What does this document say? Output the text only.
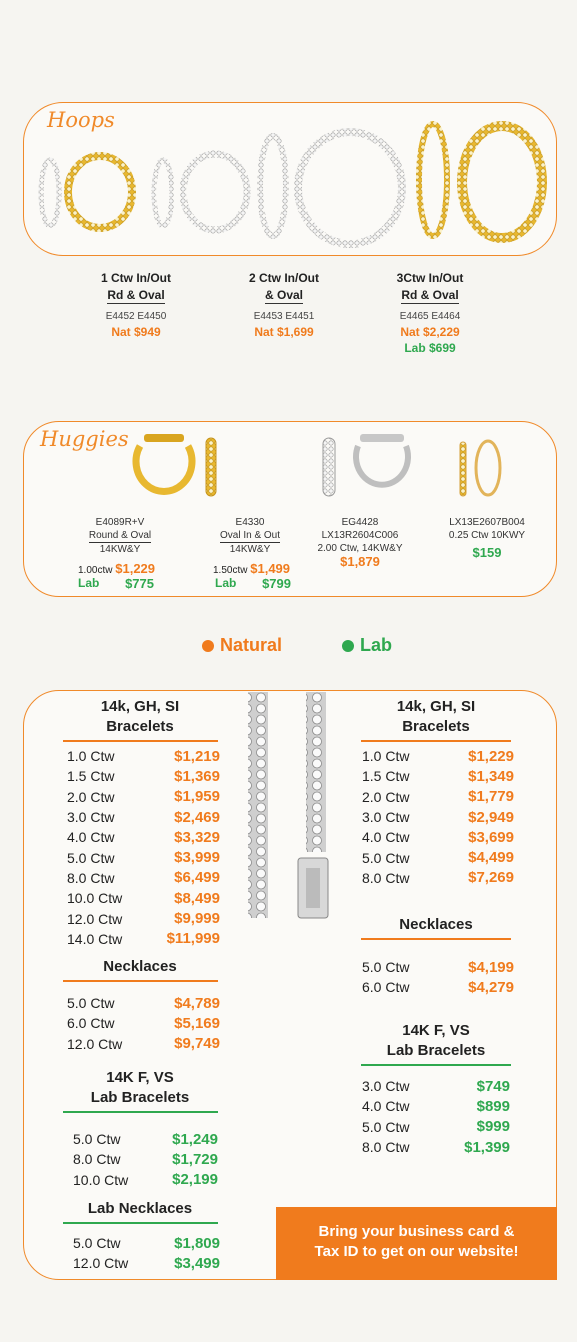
Hoops
1 Ctw In/Out
Rd & Oval
E4452 E4450
Nat $949
2 Ctw In/Out
& Oval
E4453 E4451
Nat $1,699
3Ctw In/Out
Rd & Oval
E4465 E4464
Nat $2,229
Lab $699
Huggies
E4089R+V
Round & Oval
14KW&Y
1.00ctw $1,229
Lab $775
E4330
Oval In & Out
14KW&Y
1.50ctw $1,499
Lab $799
EG4428
LX13R2604C006
2.00 Ctw, 14KW&Y
$1,879
LX13E2607B004
0.25 Ctw 10KWY
$159
Natural	Lab
14k, GH, SI
Bracelets
1.0 Ctw	$1,219
1.5 Ctw	$1,369
2.0 Ctw	$1,959
3.0 Ctw	$2,469
4.0 Ctw	$3,329
5.0 Ctw	$3,999
8.0 Ctw	$6,499
10.0 Ctw	$8,499
12.0 Ctw	$9,999
14.0 Ctw	$11,999
Necklaces
5.0 Ctw	$4,789
6.0 Ctw	$5,169
12.0 Ctw	$9,749
14K F, VS
Lab Bracelets
5.0 Ctw	$1,249
8.0 Ctw	$1,729
10.0 Ctw	$2,199
Lab Necklaces
5.0 Ctw	$1,809
12.0 Ctw	$3,499
14k, GH, SI
Bracelets
1.0 Ctw	$1,229
1.5 Ctw	$1,349
2.0 Ctw	$1,779
3.0 Ctw	$2,949
4.0 Ctw	$3,699
5.0 Ctw	$4,499
8.0 Ctw	$7,269
Necklaces
5.0 Ctw	$4,199
6.0 Ctw	$4,279
14K F, VS
Lab Bracelets
3.0 Ctw	$749
4.0 Ctw	$899
5.0 Ctw	$999
8.0 Ctw	$1,399
Bring your business card &
Tax ID to get on our website!
